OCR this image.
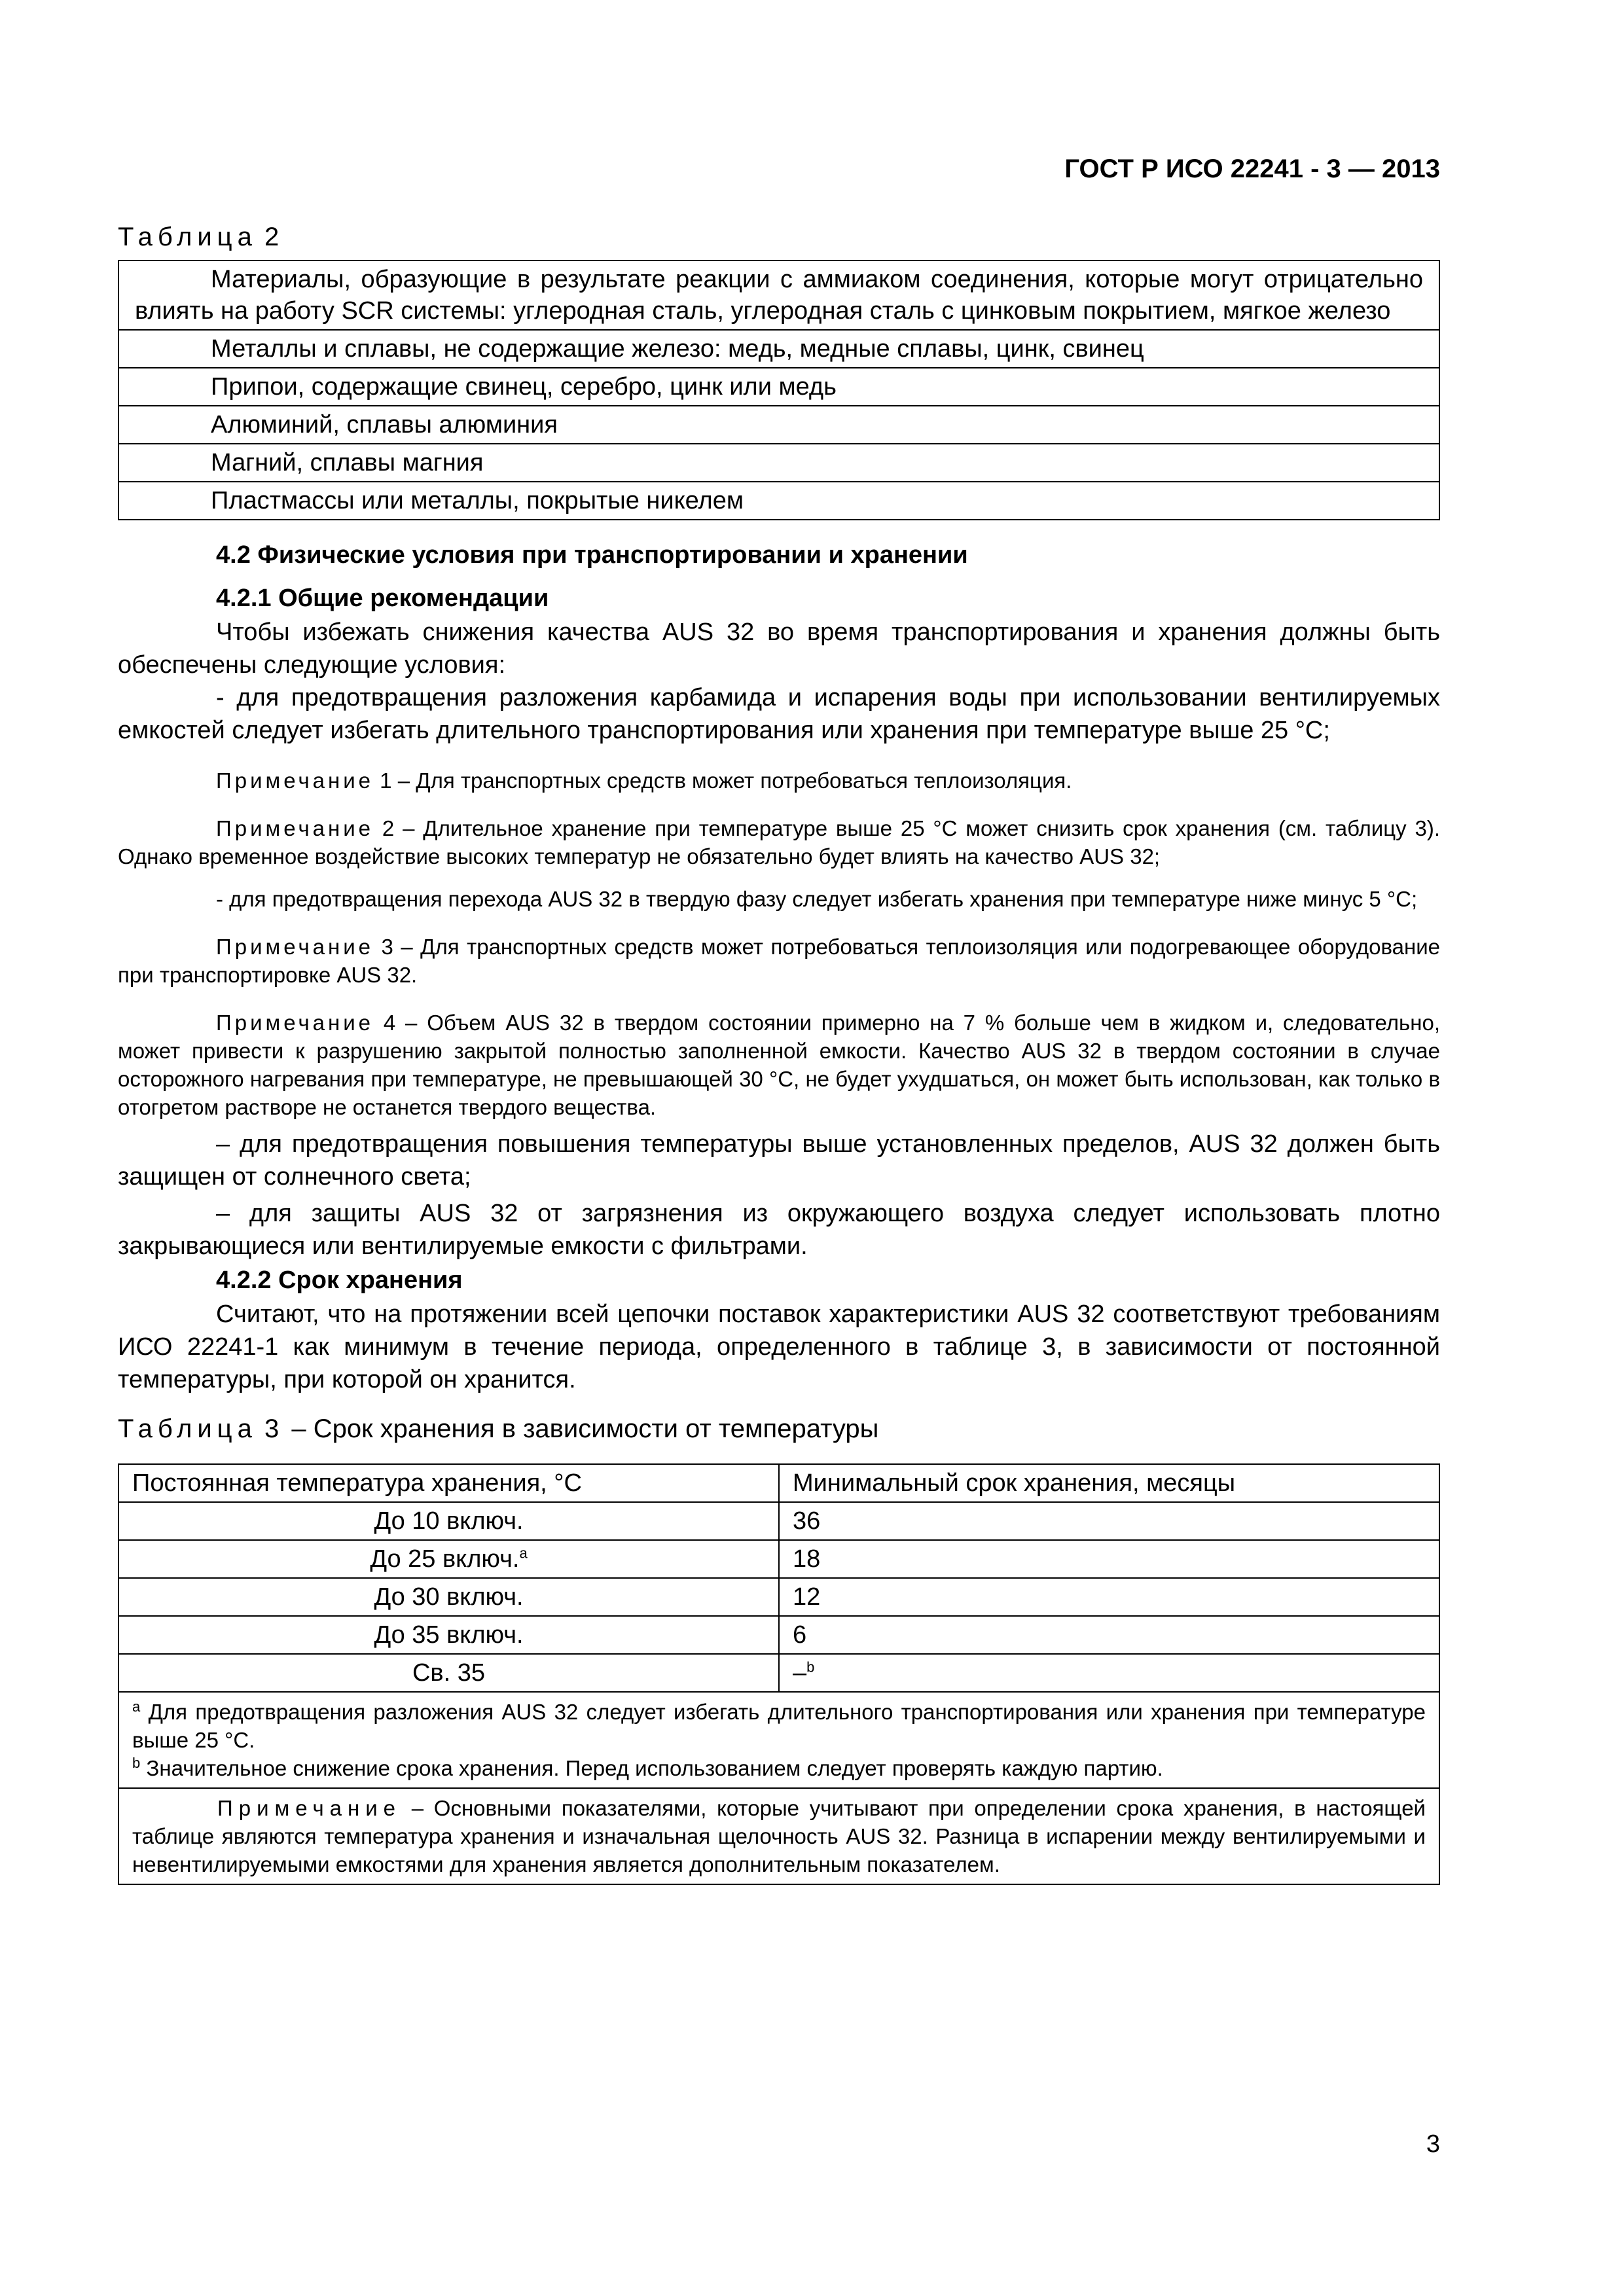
ГОСТ Р ИСО 22241 - 3 — 2013

Таблица 2

Материалы, образующие в результате реакции с аммиаком соединения, которые могут отрицательно влиять на работу SCR системы: углеродная сталь, углеродная сталь с цинковым покрытием, мягкое железо
Металлы и сплавы, не содержащие железо: медь, медные сплавы, цинк, свинец
Припои, содержащие свинец, серебро, цинк или медь
Алюминий, сплавы алюминия
Магний, сплавы магния
Пластмассы или металлы, покрытые никелем
4.2 Физические условия при транспортировании и хранении
4.2.1 Общие рекомендации

Чтобы избежать снижения качества AUS 32 во время транспортирования и хранения должны быть обеспечены следующие условия:

- для предотвращения разложения карбамида и испарения воды при использовании вентилируемых емкостей следует избегать длительного транспортирования или хранения при температуре выше 25 °С;

Примечание 1 – Для транспортных средств может потребоваться теплоизоляция.

Примечание 2 – Длительное хранение при температуре выше 25 °С может снизить срок хранения (см. таблицу 3). Однако временное воздействие высоких температур не обязательно будет влиять на качество AUS 32;

- для предотвращения перехода AUS 32 в твердую фазу следует избегать хранения при температуре ниже минус 5 °С;

Примечание 3 – Для транспортных средств может потребоваться теплоизоляция или подогревающее оборудование при транспортировке AUS 32.

Примечание 4 – Объем AUS 32 в твердом состоянии примерно на 7 % больше чем в жидком и, следовательно, может привести к разрушению закрытой полностью заполненной емкости. Качество AUS 32 в твердом состоянии в случае осторожного нагревания при температуре, не превышающей 30 °С, не будет ухудшаться, он может быть использован, как только в отогретом растворе не останется твердого вещества.

– для предотвращения повышения температуры выше установленных пределов, AUS 32 должен быть защищен от солнечного света;

– для защиты AUS 32 от загрязнения из окружающего воздуха следует использовать плотно закрывающиеся или вентилируемые емкости с фильтрами.

4.2.2 Срок хранения

Считают, что на протяжении всей цепочки поставок характеристики AUS 32 соответствуют требованиям ИСО 22241-1 как минимум в течение периода, определенного в таблице 3, в зависимости от постоянной температуры, при которой он хранится.

Таблица 3 – Срок хранения в зависимости от температуры

Постоянная температура хранения, °С	Минимальный срок хранения, месяцы
До 10 включ.	36
До 25 включ.$^a$	18
До 30 включ.	12
До 35 включ.	6
Св. 35	–$^b$

$^a$ Для предотвращения разложения AUS 32 следует избегать длительного транспортирования или хранения при температуре выше 25 °С.
$^b$ Значительное снижение срока хранения. Перед использованием следует проверять каждую партию.	

Примечание – Основными показателями, которые учитывают при определении срока хранения, в настоящей таблице являются температура хранения и изначальная щелочность AUS 32. Разница в испарении между вентилируемыми и невентилируемыми емкостями для хранения является дополнительным показателем.	
3
